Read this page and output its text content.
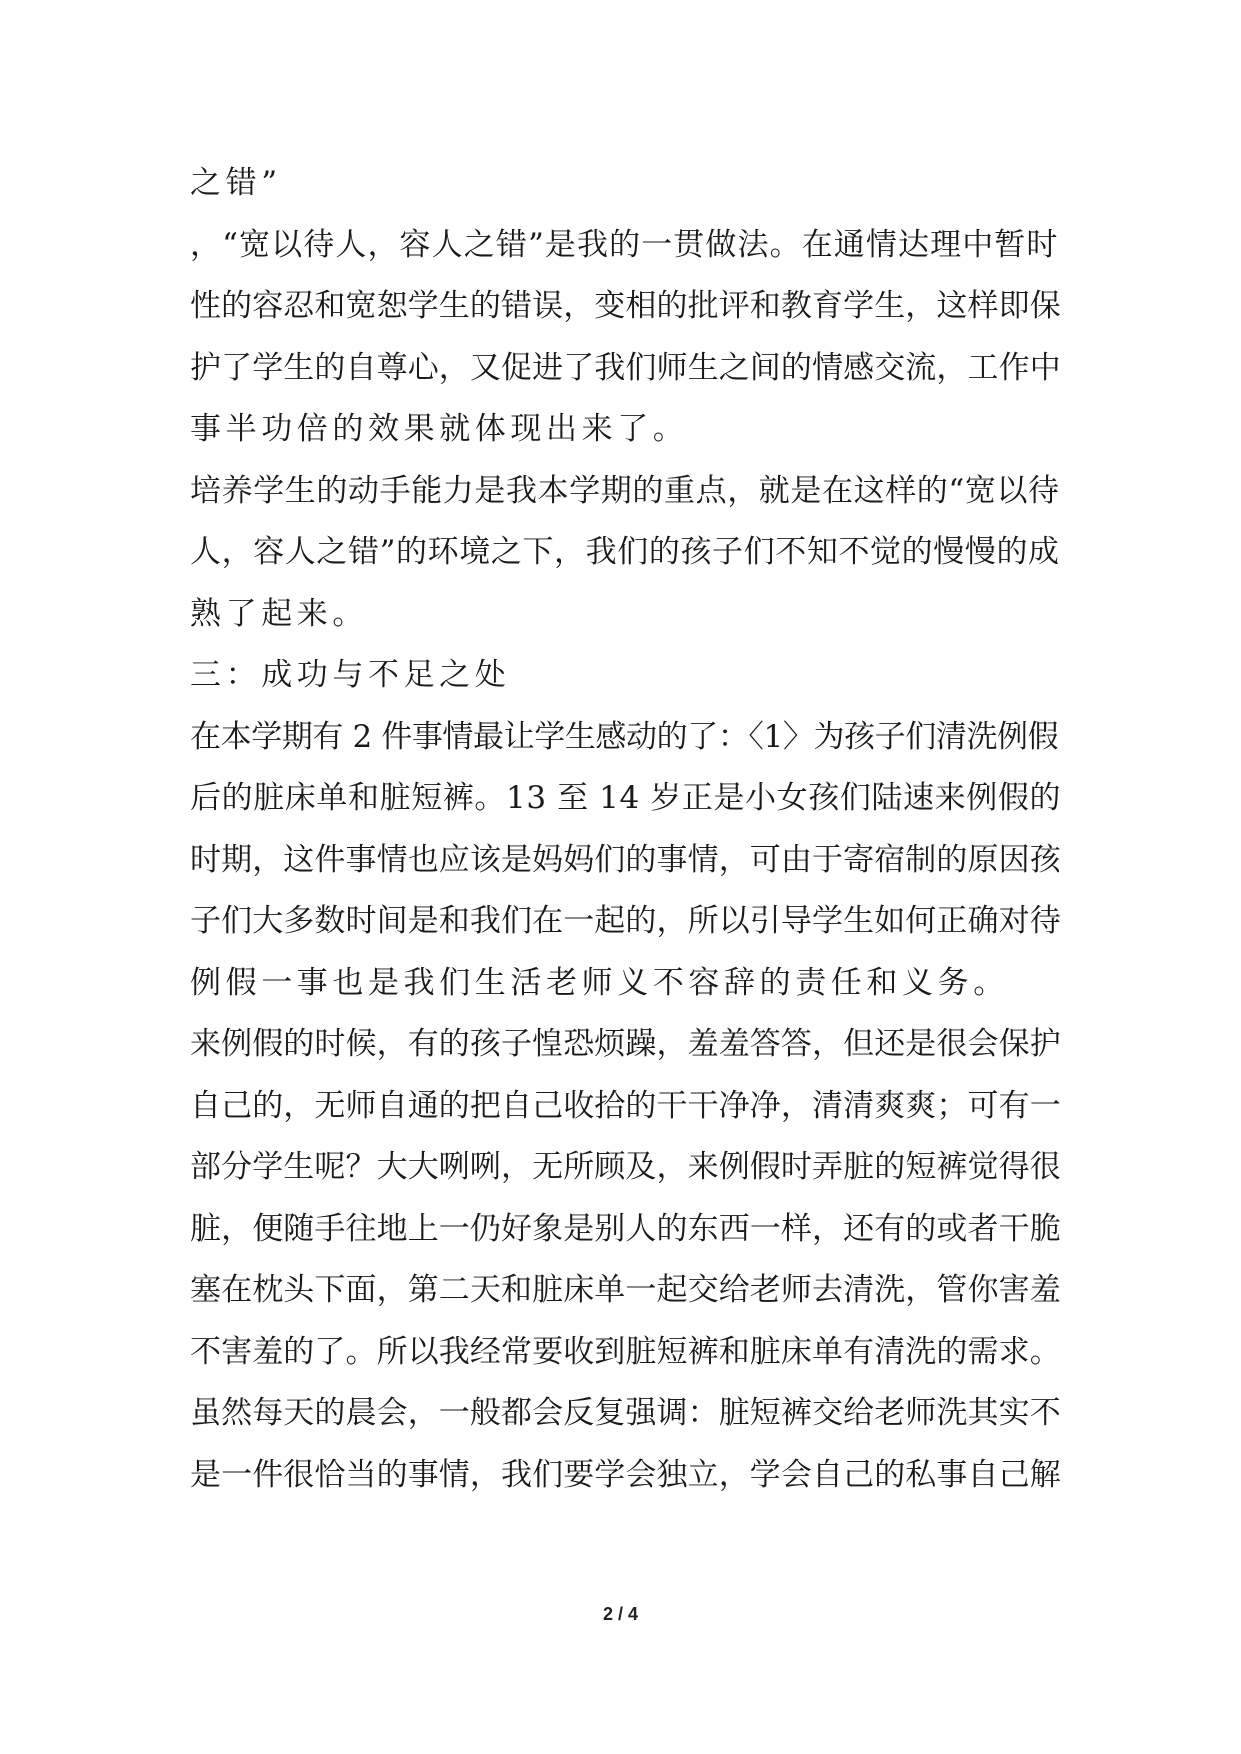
之错”
，“宽以待人，容人之错”是我的一贯做法。在通情达理中暂时
性的容忍和宽恕学生的错误，变相的批评和教育学生，这样即保
护了学生的自尊心，又促进了我们师生之间的情感交流，工作中
事半功倍的效果就体现出来了。
培养学生的动手能力是我本学期的重点，就是在这样的“宽以待
人，容人之错”的环境之下，我们的孩子们不知不觉的慢慢的成
熟了起来。
三：成功与不足之处
在本学期有 2 件事情最让学生感动的了：〈1〉为孩子们清洗例假
后的脏床单和脏短裤。13 至 14 岁正是小女孩们陆速来例假的
时期，这件事情也应该是妈妈们的事情，可由于寄宿制的原因孩
子们大多数时间是和我们在一起的，所以引导学生如何正确对待
例假一事也是我们生活老师义不容辞的责任和义务。
来例假的时候，有的孩子惶恐烦躁，羞羞答答，但还是很会保护
自己的，无师自通的把自己收拾的干干净净，清清爽爽；可有一
部分学生呢？大大咧咧，无所顾及，来例假时弄脏的短裤觉得很
脏，便随手往地上一仍好象是别人的东西一样，还有的或者干脆
塞在枕头下面，第二天和脏床单一起交给老师去清洗，管你害羞
不害羞的了。所以我经常要收到脏短裤和脏床单有清洗的需求。
虽然每天的晨会，一般都会反复强调：脏短裤交给老师洗其实不
是一件很恰当的事情，我们要学会独立，学会自己的私事自己解
2 / 4
